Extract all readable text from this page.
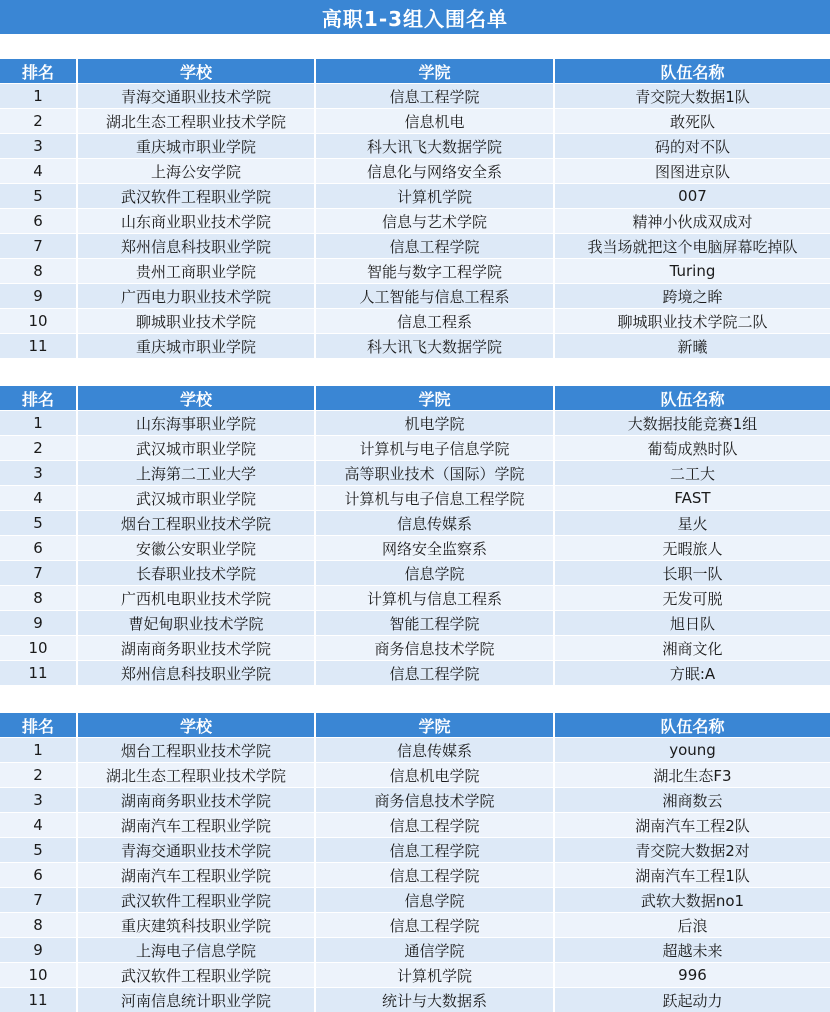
高职1-3组入围名单
排名	学校	学院	队伍名称
1	青海交通职业技术学院	信息工程学院	青交院大数据1队
2	湖北生态工程职业技术学院	信息机电	敢死队
3	重庆城市职业学院	科大讯飞大数据学院	码的对不队
4	上海公安学院	信息化与网络安全系	图图进京队
5	武汉软件工程职业学院	计算机学院	007
6	山东商业职业技术学院	信息与艺术学院	精神小伙成双成对
7	郑州信息科技职业学院	信息工程学院	我当场就把这个电脑屏幕吃掉队
8	贵州工商职业学院	智能与数字工程学院	Turing
9	广西电力职业技术学院	人工智能与信息工程系	跨境之眸
10	聊城职业技术学院	信息工程系	聊城职业技术学院二队
11	重庆城市职业学院	科大讯飞大数据学院	新曦
排名	学校	学院	队伍名称
1	山东海事职业学院	机电学院	大数据技能竞赛1组
2	武汉城市职业学院	计算机与电子信息学院	葡萄成熟时队
3	上海第二工业大学	高等职业技术（国际）学院	二工大
4	武汉城市职业学院	计算机与电子信息工程学院	FAST
5	烟台工程职业技术学院	信息传媒系	星火
6	安徽公安职业学院	网络安全监察系	无暇旅人
7	长春职业技术学院	信息学院	长职一队
8	广西机电职业技术学院	计算机与信息工程系	无发可脱
9	曹妃甸职业技术学院	智能工程学院	旭日队
10	湖南商务职业技术学院	商务信息技术学院	湘商文化
11	郑州信息科技职业学院	信息工程学院	方眠:A
排名	学校	学院	队伍名称
1	烟台工程职业技术学院	信息传媒系	young
2	湖北生态工程职业技术学院	信息机电学院	湖北生态F3
3	湖南商务职业技术学院	商务信息技术学院	湘商数云
4	湖南汽车工程职业学院	信息工程学院	湖南汽车工程2队
5	青海交通职业技术学院	信息工程学院	青交院大数据2对
6	湖南汽车工程职业学院	信息工程学院	湖南汽车工程1队
7	武汉软件工程职业学院	信息学院	武软大数据no1
8	重庆建筑科技职业学院	信息工程学院	后浪
9	上海电子信息学院	通信学院	超越未来
10	武汉软件工程职业学院	计算机学院	996
11	河南信息统计职业学院	统计与大数据系	跃起动力
